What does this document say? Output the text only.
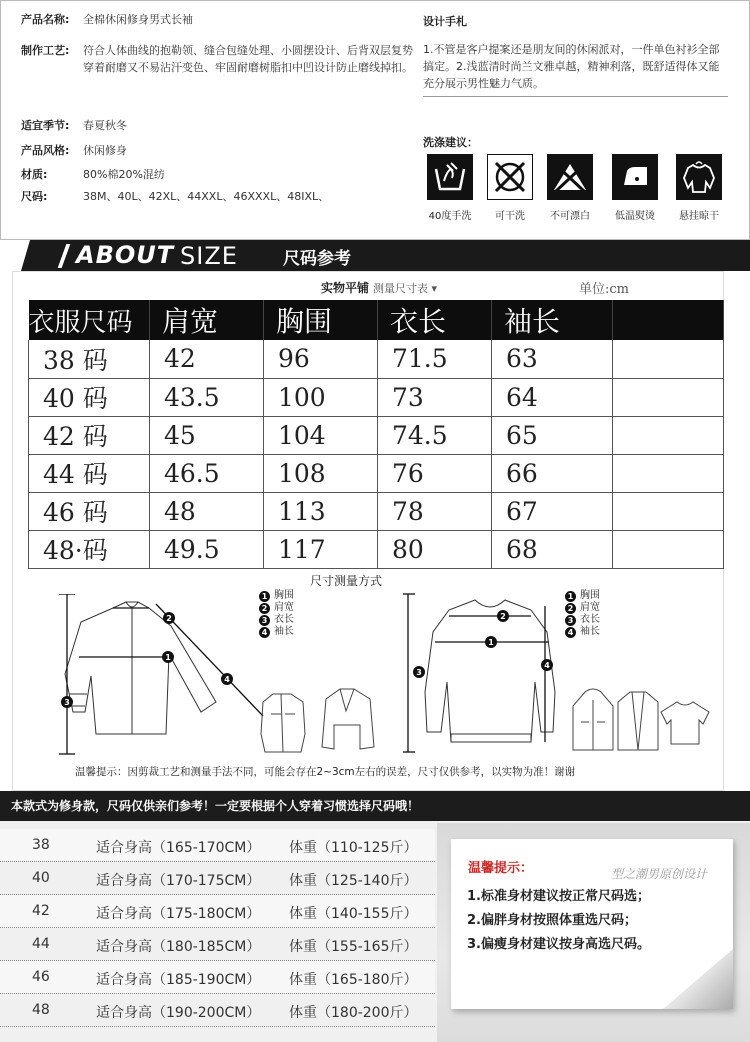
产品名称:	全棉休闲修身男式长袖
制作工艺:	符合人体曲线的抱勒领、缝合包缝处理、小圆摆设计、后背双层复势穿着耐磨又不易沾汗变色、牢固耐磨树脂扣中凹设计防止磨线掉扣。
适宜季节:	春夏秋冬
产品风格:	休闲修身
材质:	80%棉20%混纺
尺码:	38M、40L、42XL、44XXL、46XXXL、48IXL、
设计手札
1.不管是客户提案还是朋友间的休闲派对，一件单色衬衫全部搞定。2.浅蓝清时尚兰文雅卓越，精神利落，既舒适得体又能充分展示男性魅力气质。
洗涤建议：
40度手洗	可干洗	不可漂白	低温熨烫	悬挂晾干
ABOUT SIZE	尺码参考
实物平铺 测量尺寸表 ▾	单位:cm
衣服尺码	肩宽	胸围	衣长	袖长	
38 码	42	96	71.5	63	
40 码	43.5	100	73	64	
42 码	45	104	74.5	65	
44 码	46.5	108	76	66	
46 码	48	113	78	67	
48·码	49.5	117	80	68	
尺寸测量方式
1
2
3
4
1 胸围
2 肩宽
3 衣长
4 袖长
1
2
3
4
1 胸围
2 肩宽
3 衣长
4 袖长
温馨提示：因剪裁工艺和测量手法不同，可能会存在2~3cm左右的误差，尺寸仅供参考，以实物为准！谢谢
本款式为修身款，尺码仅供亲们参考！一定要根据个人穿着习惯选择尺码哦！
38	适合身高（165-170CM） 体重（110-125斤）
40	适合身高（170-175CM） 体重（125-140斤）
42	适合身高（175-180CM） 体重（140-155斤）
44	适合身高（180-185CM） 体重（155-165斤）
46	适合身高（185-190CM） 体重（165-180斤）
48	适合身高（190-200CM） 体重（180-200斤）
温馨提示：	型之潮男原创设计
1.标准身材建议按正常尺码选；
2.偏胖身材按照体重选尺码；
3.偏瘦身材建议按身高选尺码。
